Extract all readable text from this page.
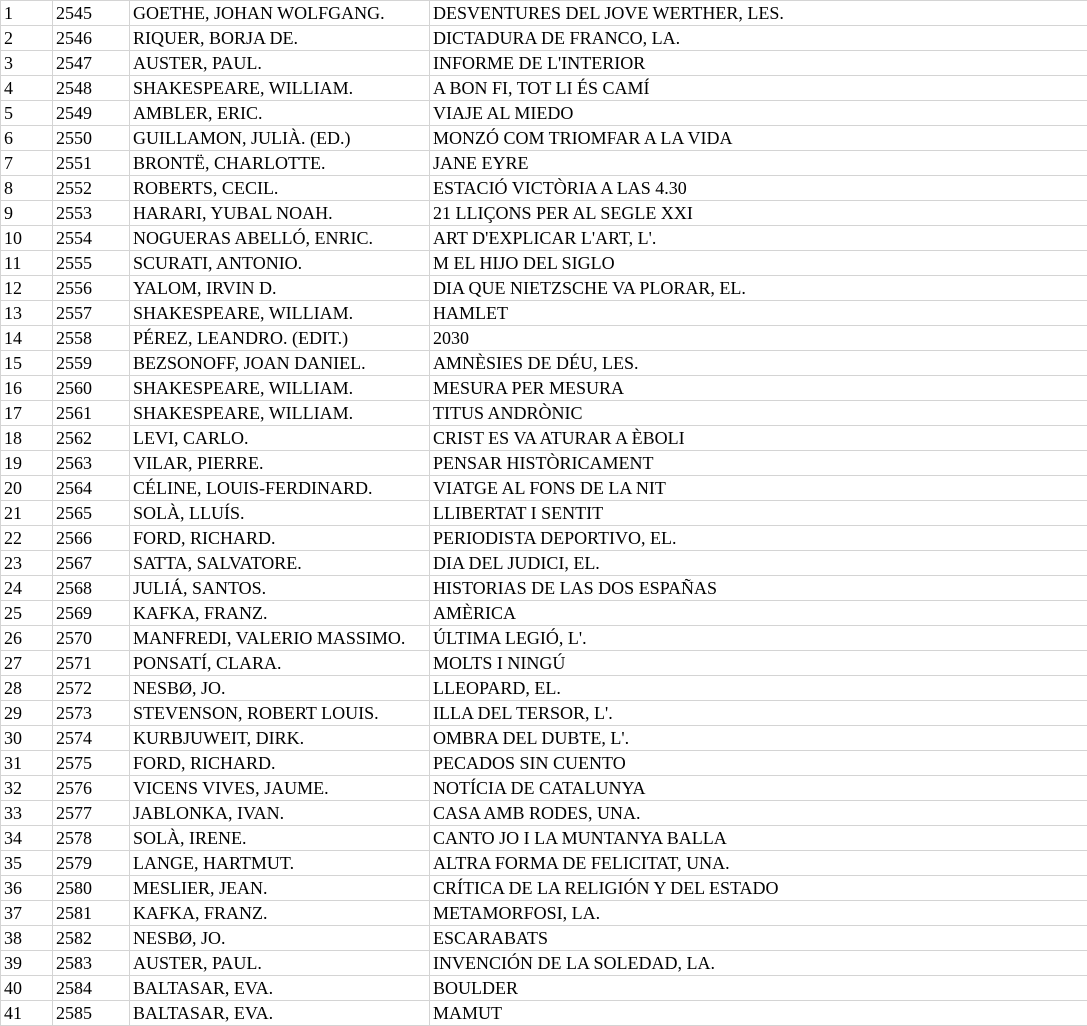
1	2545	GOETHE, JOHAN WOLFGANG.	DESVENTURES DEL JOVE WERTHER, LES.
2	2546	RIQUER, BORJA DE.	DICTADURA DE FRANCO, LA.
3	2547	AUSTER, PAUL.	INFORME DE L'INTERIOR
4	2548	SHAKESPEARE, WILLIAM.	A BON FI, TOT LI ÉS CAMÍ
5	2549	AMBLER, ERIC.	VIAJE AL MIEDO
6	2550	GUILLAMON, JULIÀ. (ED.)	MONZÓ COM TRIOMFAR A LA VIDA
7	2551	BRONTË, CHARLOTTE.	JANE EYRE
8	2552	ROBERTS, CECIL.	ESTACIÓ VICTÒRIA A LAS 4.30
9	2553	HARARI, YUBAL NOAH.	21 LLIÇONS PER AL SEGLE XXI
10	2554	NOGUERAS ABELLÓ, ENRIC.	ART D'EXPLICAR L'ART, L'.
11	2555	SCURATI, ANTONIO.	M EL HIJO DEL SIGLO
12	2556	YALOM, IRVIN D.	DIA QUE NIETZSCHE VA PLORAR, EL.
13	2557	SHAKESPEARE, WILLIAM.	HAMLET
14	2558	PÉREZ, LEANDRO. (EDIT.)	2030
15	2559	BEZSONOFF, JOAN DANIEL.	AMNÈSIES DE DÉU, LES.
16	2560	SHAKESPEARE, WILLIAM.	MESURA PER MESURA
17	2561	SHAKESPEARE, WILLIAM.	TITUS ANDRÒNIC
18	2562	LEVI, CARLO.	CRIST ES VA ATURAR A ÈBOLI
19	2563	VILAR, PIERRE.	PENSAR HISTÒRICAMENT
20	2564	CÉLINE, LOUIS-FERDINARD.	VIATGE AL FONS DE LA NIT
21	2565	SOLÀ, LLUÍS.	LLIBERTAT I SENTIT
22	2566	FORD, RICHARD.	PERIODISTA DEPORTIVO, EL.
23	2567	SATTA, SALVATORE.	DIA DEL JUDICI, EL.
24	2568	JULIÁ, SANTOS.	HISTORIAS DE LAS DOS ESPAÑAS
25	2569	KAFKA, FRANZ.	AMÈRICA
26	2570	MANFREDI, VALERIO MASSIMO.	ÚLTIMA LEGIÓ, L'.
27	2571	PONSATÍ, CLARA.	MOLTS I NINGÚ
28	2572	NESBØ, JO.	LLEOPARD, EL.
29	2573	STEVENSON, ROBERT LOUIS.	ILLA DEL TERSOR, L'.
30	2574	KURBJUWEIT, DIRK.	OMBRA DEL DUBTE, L'.
31	2575	FORD, RICHARD.	PECADOS SIN CUENTO
32	2576	VICENS VIVES, JAUME.	NOTÍCIA DE CATALUNYA
33	2577	JABLONKA, IVAN.	CASA AMB RODES, UNA.
34	2578	SOLÀ, IRENE.	CANTO JO I LA MUNTANYA BALLA
35	2579	LANGE, HARTMUT.	ALTRA FORMA DE FELICITAT, UNA.
36	2580	MESLIER, JEAN.	CRÍTICA DE LA RELIGIÓN Y DEL ESTADO
37	2581	KAFKA, FRANZ.	METAMORFOSI, LA.
38	2582	NESBØ, JO.	ESCARABATS
39	2583	AUSTER, PAUL.	INVENCIÓN DE LA SOLEDAD, LA.
40	2584	BALTASAR, EVA.	BOULDER
41	2585	BALTASAR, EVA.	MAMUT
